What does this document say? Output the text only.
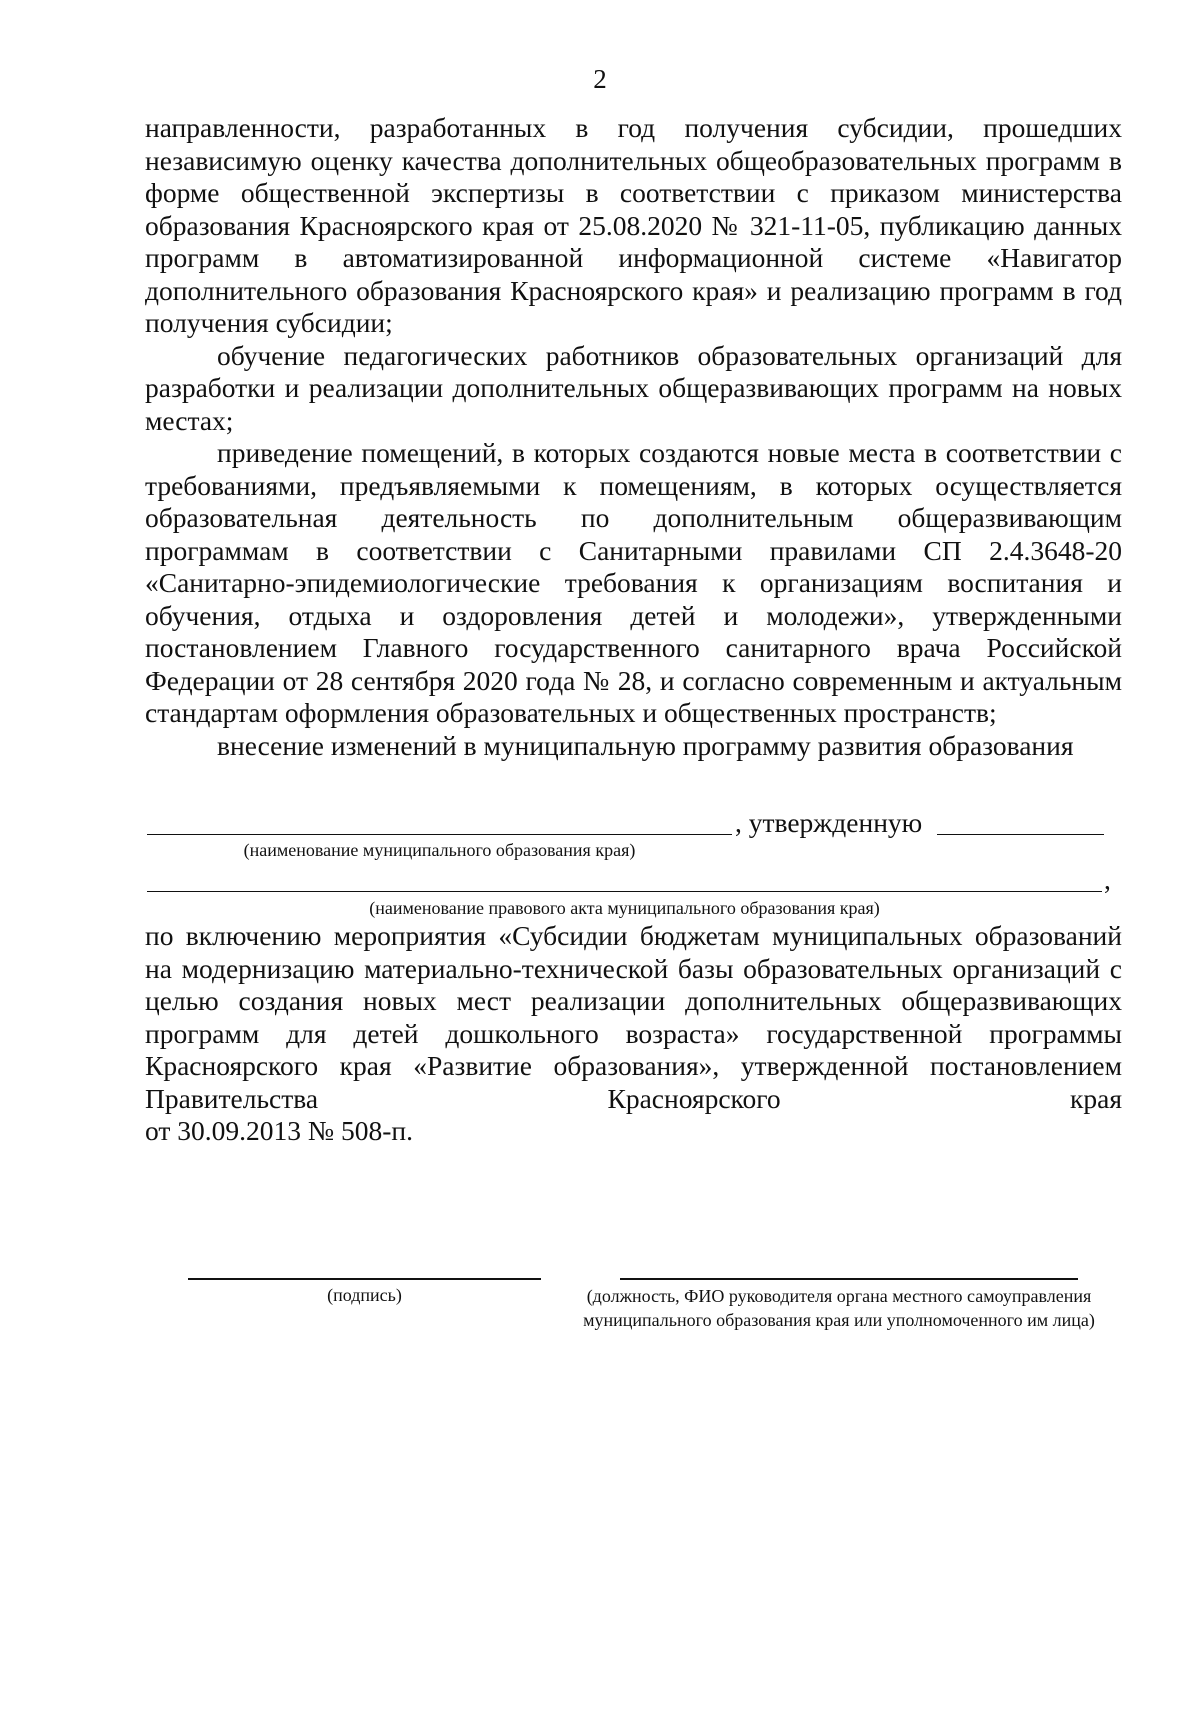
2

направленности, разработанных в год получения субсидии, прошедших независимую оценку качества дополнительных общеобразовательных программ в форме общественной экспертизы в соответствии с приказом министерства образования Красноярского края от 25.08.2020 № 321-11-05, публикацию данных программ в автоматизированной информационной системе «Навигатор дополнительного образования Красноярского края» и реализацию программ в год получения субсидии;

обучение педагогических работников образовательных организаций для разработки и реализации дополнительных общеразвивающих программ на новых местах;

приведение помещений, в которых создаются новые места в соответствии с требованиями, предъявляемыми к помещениям, в которых осуществляется образовательная деятельность по дополнительным общеразвивающим программам в соответствии с Санитарными правилами СП 2.4.3648-20 «Санитарно-эпидемиологические требования к организациям воспитания и обучения, отдыха и оздоровления детей и молодежи», утвержденными постановлением Главного государственного санитарного врача Российской Федерации от 28 сентября 2020 года № 28, и согласно современным и актуальным стандартам оформления образовательных и общественных пространств;

внесение изменений в муниципальную программу развития образования

, утвержденную
(наименование муниципального образования края)
,
(наименование правового акта муниципального образования края)

по включению мероприятия «Субсидии бюджетам муниципальных образований на модернизацию материально-технической базы образовательных организаций с целью создания новых мест реализации дополнительных общеразвивающих программ для детей дошкольного возраста» государственной программы Красноярского края «Развитие образования», утвержденной постановлением Правительства Красноярского края

от 30.09.2013 № 508-п.

(подпись)	(должность, ФИО руководителя органа местного самоуправления муниципального образования края или уполномоченного им лица)
